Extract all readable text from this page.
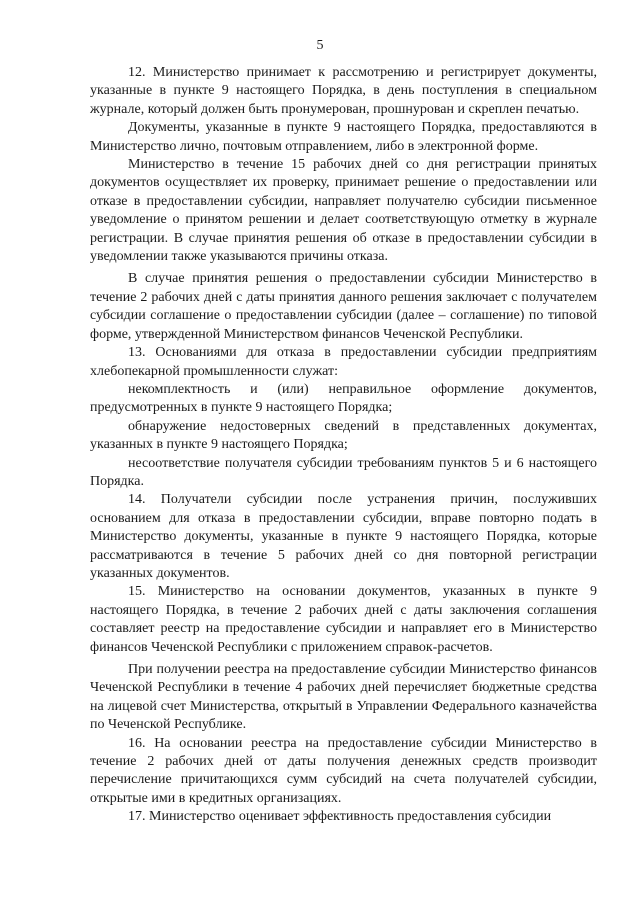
5

12. Министерство принимает к рассмотрению и регистрирует документы, указанные в пункте 9 настоящего Порядка, в день поступления в специальном журнале, который должен быть пронумерован, прошнурован и скреплен печатью.

Документы, указанные в пункте 9 настоящего Порядка, предоставляются в Министерство лично, почтовым отправлением, либо в электронной форме.

Министерство в течение 15 рабочих дней со дня регистрации принятых документов осуществляет их проверку, принимает решение о предоставлении или отказе в предоставлении субсидии, направляет получателю субсидии письменное уведомление о принятом решении и делает соответствующую отметку в журнале регистрации. В случае принятия решения об отказе в предоставлении субсидии в уведомлении также указываются причины отказа.

В случае принятия решения о предоставлении субсидии Министерство в течение 2 рабочих дней с даты принятия данного решения заключает с получателем субсидии соглашение о предоставлении субсидии (далее – соглашение) по типовой форме, утвержденной Министерством финансов Чеченской Республики.

13. Основаниями для отказа в предоставлении субсидии предприятиям хлебопекарной промышленности служат:

некомплектность и (или) неправильное оформление документов, предусмотренных в пункте 9 настоящего Порядка;

обнаружение недостоверных сведений в представленных документах, указанных в пункте 9 настоящего Порядка;

несоответствие получателя субсидии требованиям пунктов 5 и 6 настоящего Порядка.

14. Получатели субсидии после устранения причин, послуживших основанием для отказа в предоставлении субсидии, вправе повторно подать в Министерство документы, указанные в пункте 9 настоящего Порядка, которые рассматриваются в течение 5 рабочих дней со дня повторной регистрации указанных документов.

15. Министерство на основании документов, указанных в пункте 9 настоящего Порядка, в течение 2 рабочих дней с даты заключения соглашения составляет реестр на предоставление субсидии и направляет его в Министерство финансов Чеченской Республики с приложением справок-расчетов.

При получении реестра на предоставление субсидии Министерство финансов Чеченской Республики в течение 4 рабочих дней перечисляет бюджетные средства на лицевой счет Министерства, открытый в Управлении Федерального казначейства по Чеченской Республике.

16. На основании реестра на предоставление субсидии Министерство в течение 2 рабочих дней от даты получения денежных средств производит перечисление причитающихся сумм субсидий на счета получателей субсидии, открытые ими в кредитных организациях.

17. Министерство оценивает эффективность предоставления субсидии
